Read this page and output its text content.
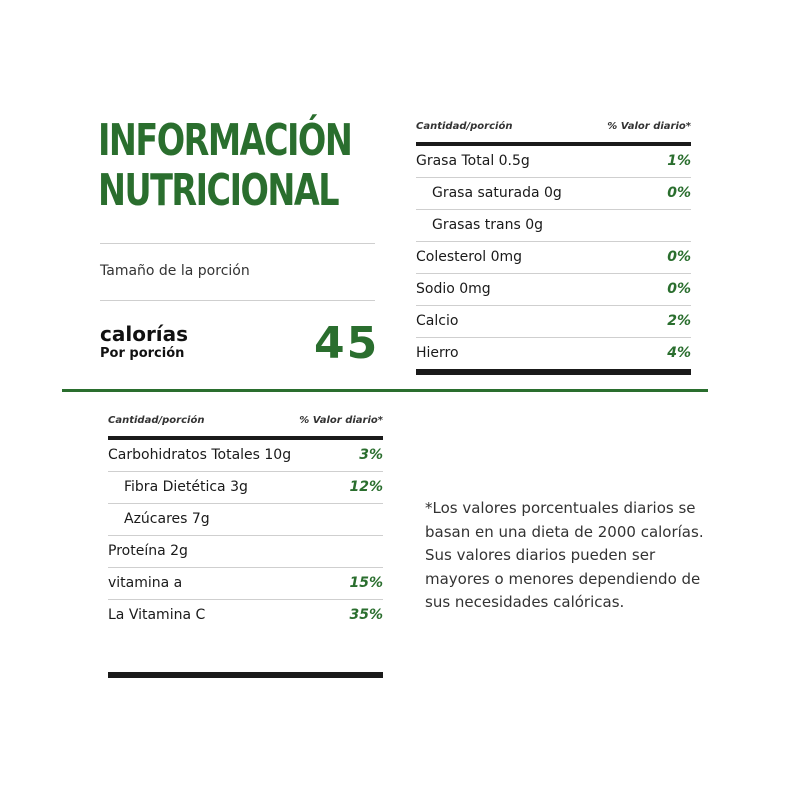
INFORMACIÓN
NUTRICIONAL
Tamaño de la porción
calorías
Por porción	45
Cantidad/porción	% Valor diario*
Grasa Total 0.5g	1%
Grasa saturada 0g	0%
Grasas trans 0g
Colesterol 0mg	0%
Sodio 0mg	0%
Calcio	2%
Hierro	4%
Cantidad/porción	% Valor diario*
Carbohidratos Totales 10g	3%
Fibra Dietética 3g	12%
Azúcares 7g
Proteína 2g
vitamina a	15%
La Vitamina C	35%

*Los valores porcentuales diarios se basan en una dieta de 2000 calorías. Sus valores diarios pueden ser mayores o menores dependiendo de sus necesidades calóricas.
